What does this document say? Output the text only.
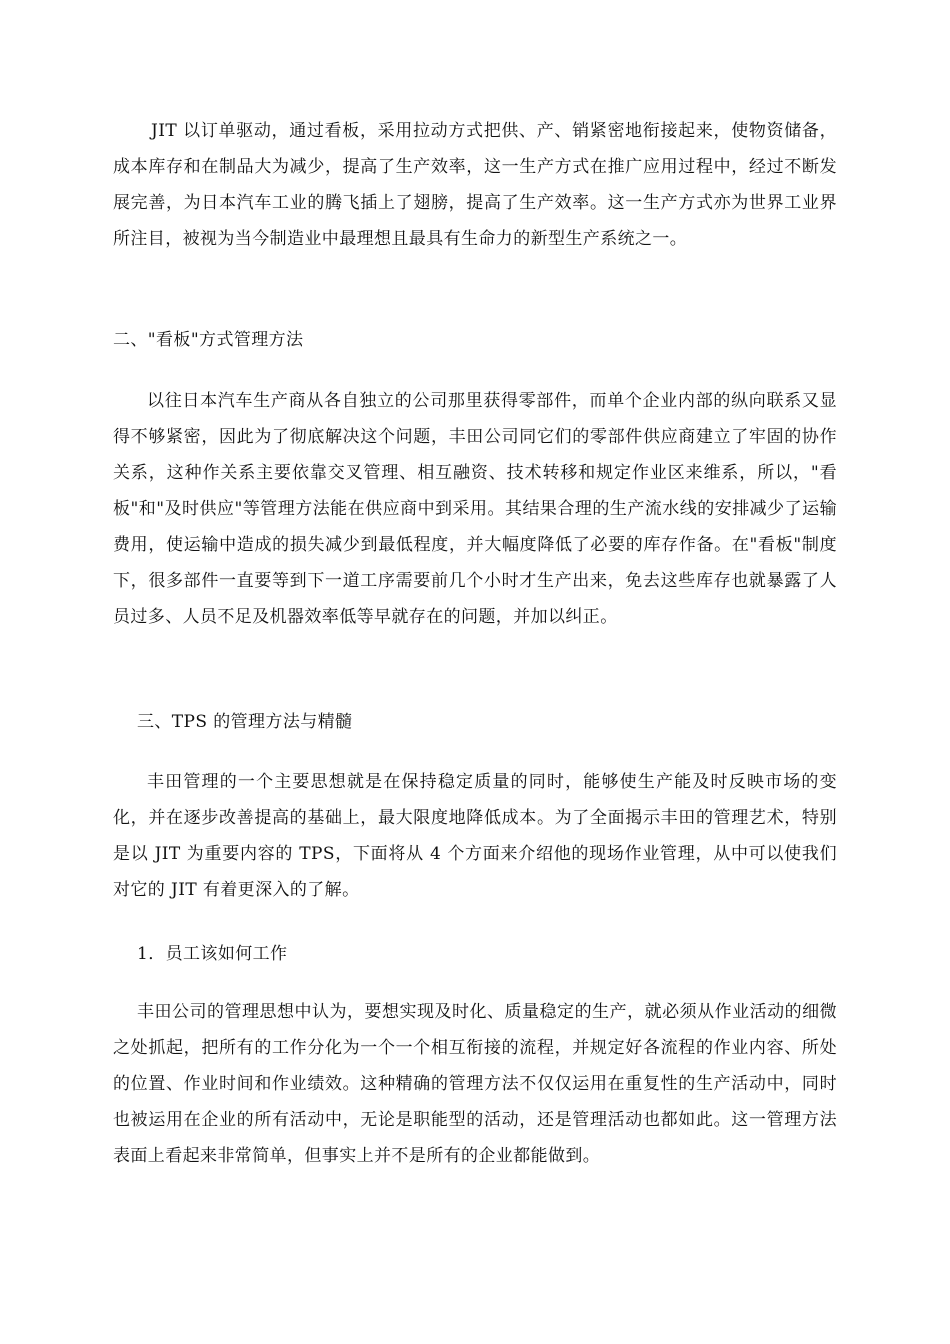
JIT 以订单驱动，通过看板，采用拉动方式把供、产、销紧密地衔接起来，使物资储备，成本库存和在制品大为减少，提高了生产效率，这一生产方式在推广应用过程中，经过不断发展完善，为日本汽车工业的腾飞插上了翅膀，提高了生产效率。这一生产方式亦为世界工业界所注目，被视为当今制造业中最理想且最具有生命力的新型生产系统之一。

二、"看板"方式管理方法

以往日本汽车生产商从各自独立的公司那里获得零部件，而单个企业内部的纵向联系又显得不够紧密，因此为了彻底解决这个问题，丰田公司同它们的零部件供应商建立了牢固的协作关系，这种作关系主要依靠交叉管理、相互融资、技术转移和规定作业区来维系，所以，"看板"和"及时供应"等管理方法能在供应商中到采用。其结果合理的生产流水线的安排减少了运输费用，使运输中造成的损失减少到最低程度，并大幅度降低了必要的库存作备。在"看板"制度下，很多部件一直要等到下一道工序需要前几个小时才生产出来，免去这些库存也就暴露了人员过多、人员不足及机器效率低等早就存在的问题，并加以纠正。

三、TPS 的管理方法与精髓

丰田管理的一个主要思想就是在保持稳定质量的同时，能够使生产能及时反映市场的变化，并在逐步改善提高的基础上，最大限度地降低成本。为了全面揭示丰田的管理艺术，特别是以 JIT 为重要内容的 TPS，下面将从 4 个方面来介绍他的现场作业管理，从中可以使我们对它的 JIT 有着更深入的了解。

1．员工该如何工作

丰田公司的管理思想中认为，要想实现及时化、质量稳定的生产，就必须从作业活动的细微之处抓起，把所有的工作分化为一个一个相互衔接的流程，并规定好各流程的作业内容、所处的位置、作业时间和作业绩效。这种精确的管理方法不仅仅运用在重复性的生产活动中，同时也被运用在企业的所有活动中，无论是职能型的活动，还是管理活动也都如此。这一管理方法表面上看起来非常简单，但事实上并不是所有的企业都能做到。
